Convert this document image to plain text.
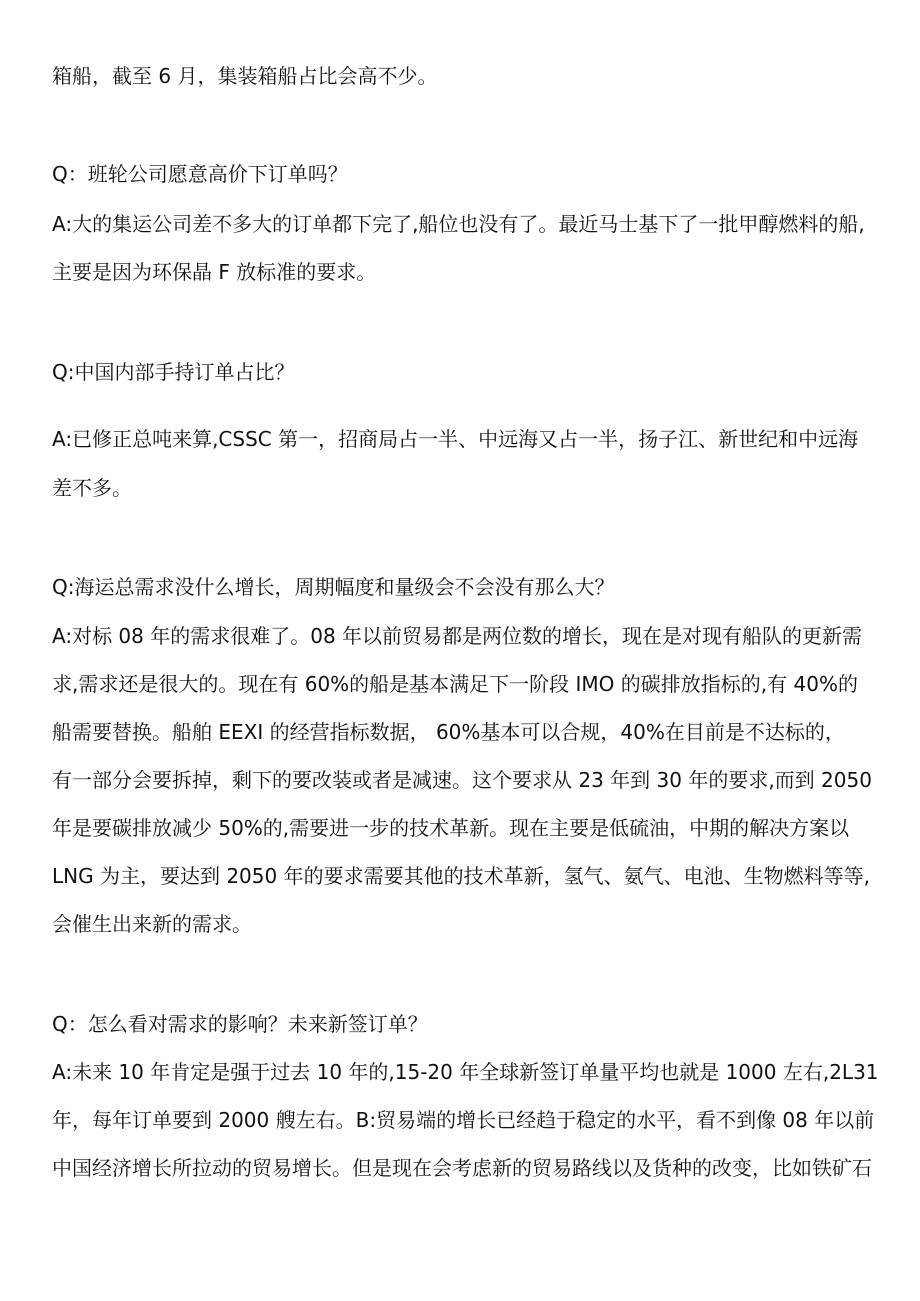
箱船，截至 6 月，集装箱船占比会高不少。
Q：班轮公司愿意高价下订单吗？
A:大的集运公司差不多大的订单都下完了,船位也没有了。最近马士基下了一批甲醇燃料的船,
主要是因为环保晶 F 放标准的要求。
Q:中国内部手持订单占比？
A:已修正总吨来算,CSSC 第一，招商局占一半、中远海又占一半，扬子江、新世纪和中远海
差不多。
Q:海运总需求没什么增长，周期幅度和量级会不会没有那么大？
A:对标 08 年的需求很难了。08 年以前贸易都是两位数的增长，现在是对现有船队的更新需
求,需求还是很大的。现在有 60%的船是基本满足下一阶段 IMO 的碳排放指标的,有 40%的
船需要替换。船舶 EEXI 的经营指标数据， 60%基本可以合规，40%在目前是不达标的，
有一部分会要拆掉，剩下的要改装或者是减速。这个要求从 23 年到 30 年的要求,而到 2050
年是要碳排放减少 50%的,需要进一步的技术革新。现在主要是低硫油，中期的解决方案以
LNG 为主，要达到 2050 年的要求需要其他的技术革新，氢气、氨气、电池、生物燃料等等,
会催生出来新的需求。
Q：怎么看对需求的影响？未来新签订单？
A:未来 10 年肯定是强于过去 10 年的,15-20 年全球新签订单量平均也就是 1000 左右,2L31
年，每年订单要到 2000 艘左右。B:贸易端的增长已经趋于稳定的水平，看不到像 08 年以前
中国经济增长所拉动的贸易增长。但是现在会考虑新的贸易路线以及货种的改变，比如铁矿石
